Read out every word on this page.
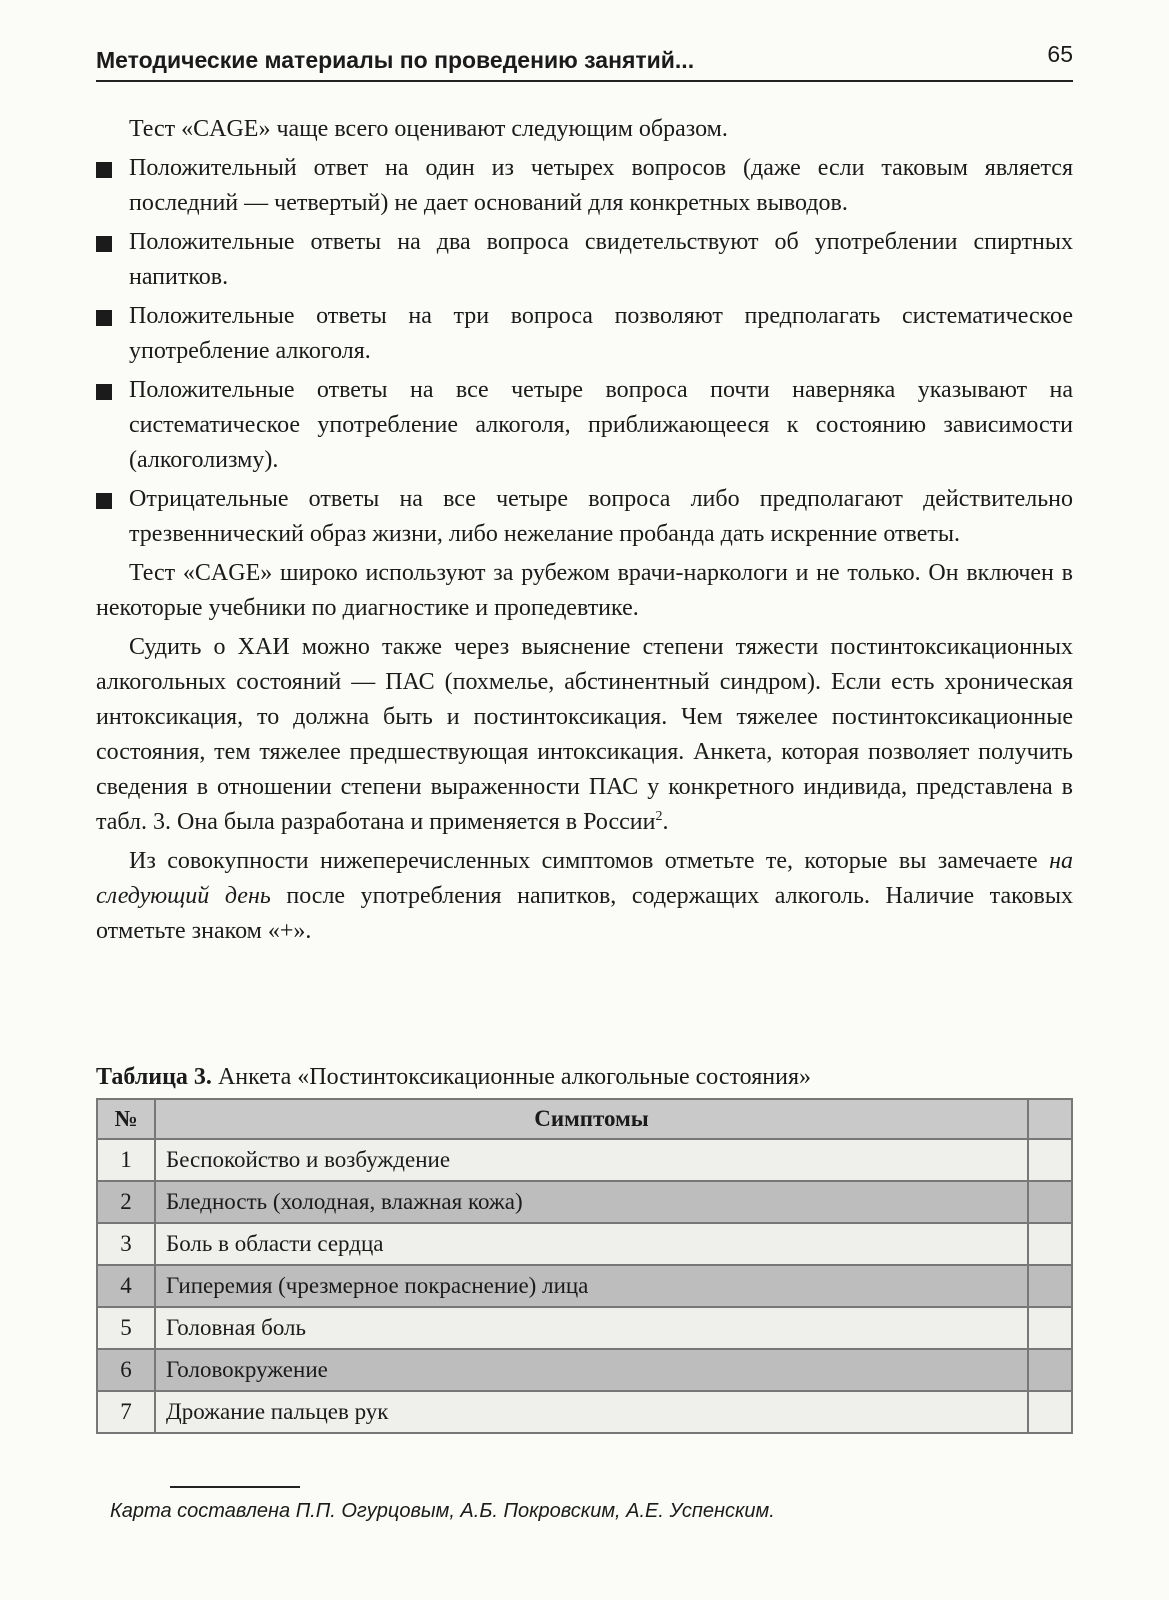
Методические материалы по проведению занятий...	65

Тест «CAGE» чаще всего оценивают следующим образом.

Положительный ответ на один из четырех вопросов (даже если таковым является последний — четвертый) не дает оснований для конкретных выводов.
Положительные ответы на два вопроса свидетельствуют об употреблении спиртных напитков.
Положительные ответы на три вопроса позволяют предполагать систематическое употребление алкоголя.
Положительные ответы на все четыре вопроса почти наверняка указывают на систематическое употребление алкоголя, приближающееся к состоянию зависимости (алкоголизму).
Отрицательные ответы на все четыре вопроса либо предполагают действительно трезвеннический образ жизни, либо нежелание пробанда дать искренние ответы.

Тест «CAGE» широко используют за рубежом врачи-наркологи и не только. Он включен в некоторые учебники по диагностике и пропедевтике.

Судить о ХАИ можно также через выяснение степени тяжести постинтоксикационных алкогольных состояний — ПАС (похмелье, абстинентный синдром). Если есть хроническая интоксикация, то должна быть и постинтоксикация. Чем тяжелее постинтоксикационные состояния, тем тяжелее предшествующая интоксикация. Анкета, которая позволяет получить сведения в отношении степени выраженности ПАС у конкретного индивида, представлена в табл. 3. Она была разработана и применяется в России$^2$.

Из совокупности нижеперечисленных симптомов отметьте те, которые вы замечаете на следующий день после употребления напитков, содержащих алкоголь. Наличие таковых отметьте знаком «+».

Таблица 3. Анкета «Постинтоксикационные алкогольные состояния»
№	Симптомы	
1	Беспокойство и возбуждение	
2	Бледность (холодная, влажная кожа)	
3	Боль в области сердца	
4	Гиперемия (чрезмерное покраснение) лица	
5	Головная боль	
6	Головокружение	
7	Дрожание пальцев рук	
Карта составлена П.П. Огурцовым, А.Б. Покровским, А.Е. Успенским.
